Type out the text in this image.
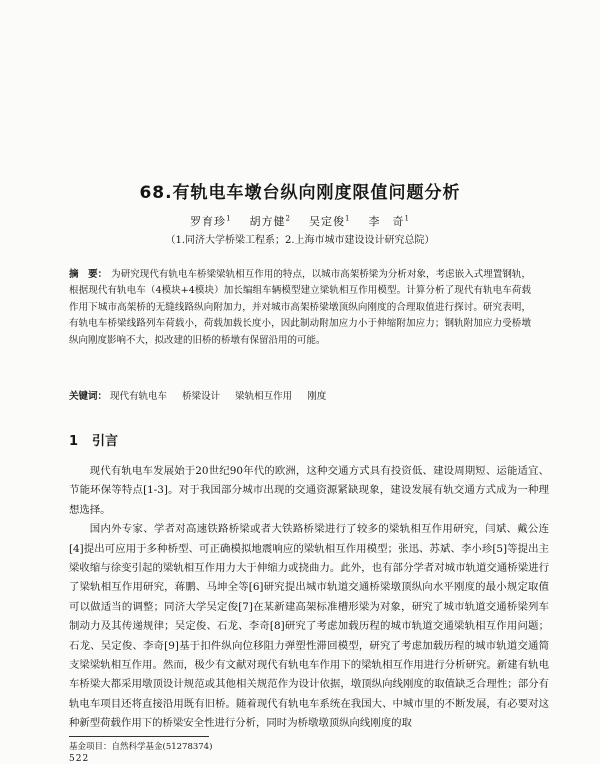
68.有轨电车墩台纵向刚度限值问题分析
罗育珍$^1$ 胡方健$^2$ 吴定俊$^1$ 李　奇$^1$
（1.同济大学桥梁工程系；2.上海市城市建设设计研究总院）
摘　要： 为研究现代有轨电车桥梁梁轨相互作用的特点，以城市高架桥梁为分析对象，考虑嵌入式埋置钢轨，根据现代有轨电车（4模块+4模块）加长编组车辆模型建立梁轨相互作用模型。计算分析了现代有轨电车荷载作用下城市高架桥的无缝线路纵向附加力，并对城市高架桥梁墩顶纵向刚度的合理取值进行探讨。研究表明，有轨电车桥梁线路列车荷载小，荷载加载长度小，因此制动附加应力小于伸缩附加应力；钢轨附加应力受桥墩纵向刚度影响不大，拟改建的旧桥的桥墩有保留沿用的可能。
关键词： 现代有轨电车 桥梁设计 梁轨相互作用 刚度
1 引言

现代有轨电车发展始于20世纪90年代的欧洲，这种交通方式具有投资低、建设周期短、运能适宜、节能环保等特点[1-3]。对于我国部分城市出现的交通资源紧缺现象，建设发展有轨交通方式成为一种理想选择。

国内外专家、学者对高速铁路桥梁或者大铁路桥梁进行了较多的梁轨相互作用研究，闫斌、戴公连[4]提出可应用于多种桥型、可正确模拟地震响应的梁轨相互作用模型；张迅、苏斌、李小珍[5]等提出主梁收缩与徐变引起的梁轨相互作用力大于伸缩力或挠曲力。此外，也有部分学者对城市轨道交通桥梁进行了梁轨相互作用研究，蒋鹏、马坤全等[6]研究提出城市轨道交通桥梁墩顶纵向水平刚度的最小规定取值可以做适当的调整；同济大学吴定俊[7]在某新建高架标准槽形梁为对象，研究了城市轨道交通桥梁列车制动力及其传递规律；吴定俊、石龙、李奇[8]研究了考虑加载历程的城市轨道交通梁轨相互作用问题；石龙、吴定俊、李奇[9]基于扣件纵向位移阻力弹塑性滞回模型，研究了考虑加载历程的城市轨道交通简支梁梁轨相互作用。然而，极少有文献对现代有轨电车作用下的梁轨相互作用进行分析研究。新建有轨电车桥梁大都采用墩顶设计规范或其他相关规范作为设计依据，墩顶纵向线刚度的取值缺乏合理性；部分有轨电车项目还将直接沿用既有旧桥。随着现代有轨电车系统在我国大、中城市里的不断发展，有必要对这种新型荷载作用下的桥梁安全性进行分析，同时为桥墩墩顶纵向线刚度的取

基金项目：自然科学基金(51278374)
522
